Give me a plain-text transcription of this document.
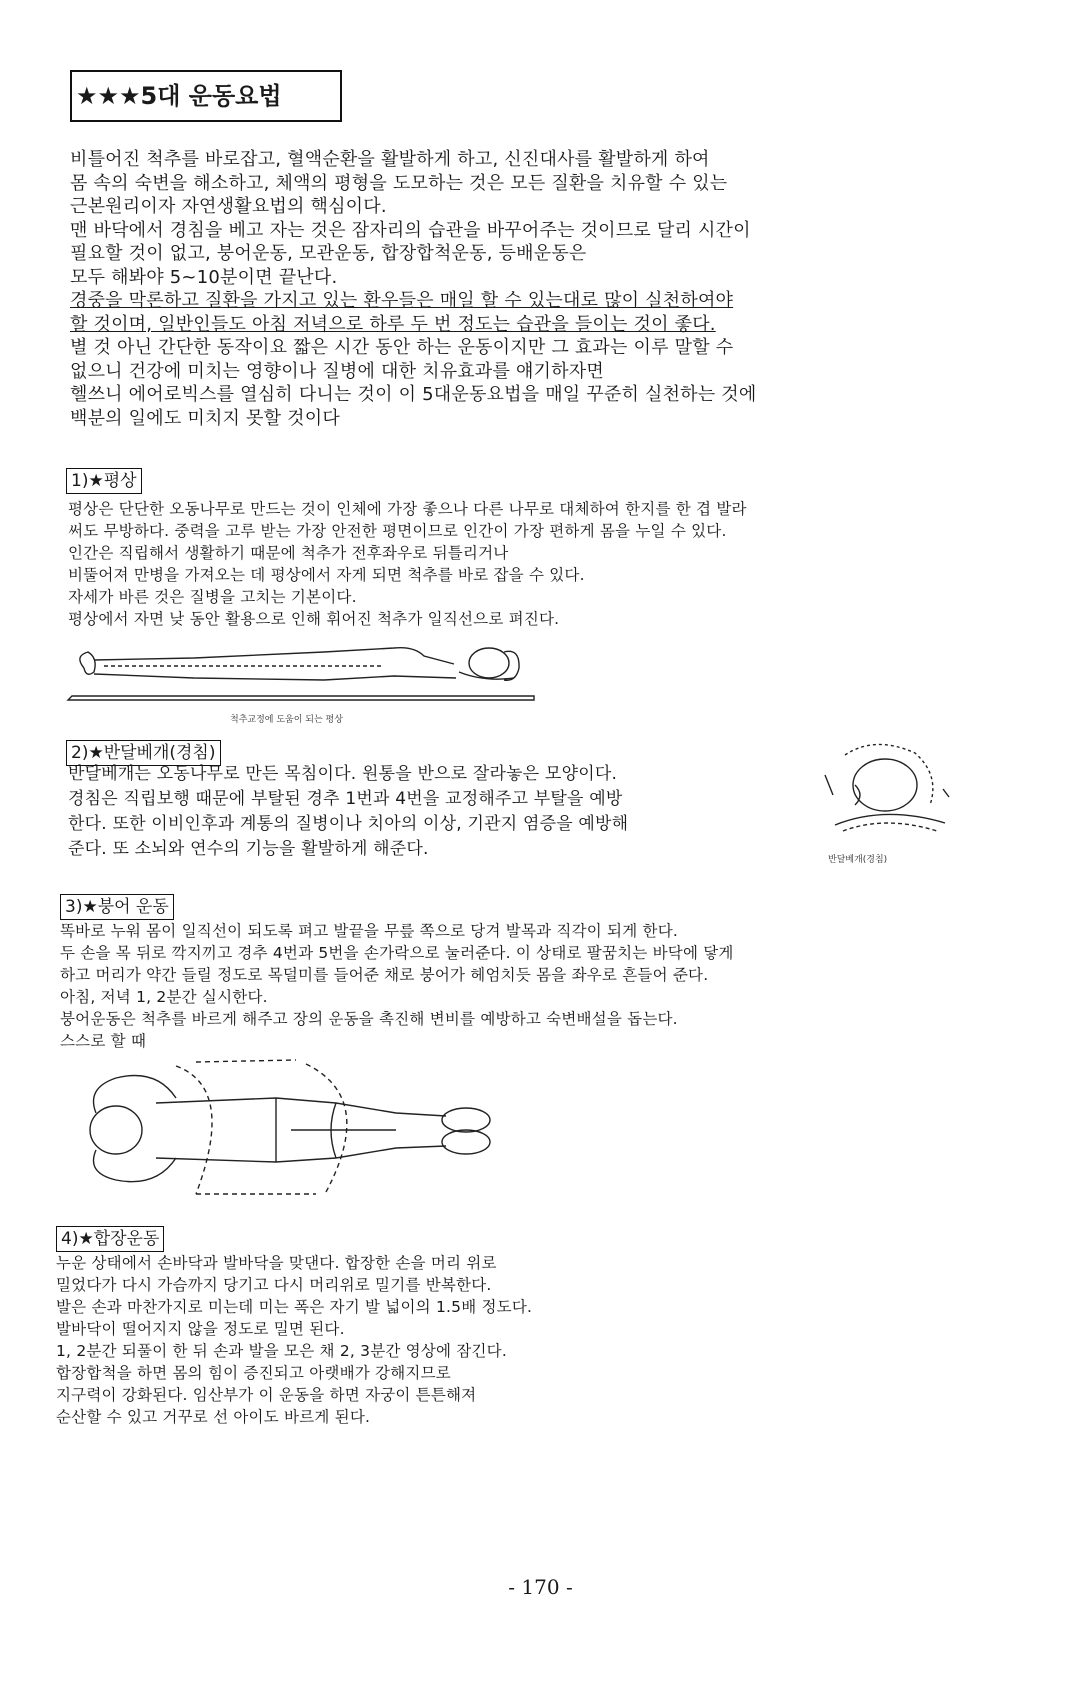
★★★5대 운동요법

비틀어진 척추를 바로잡고, 혈액순환을 활발하게 하고, 신진대사를 활발하게 하여

몸 속의 숙변을 해소하고, 체액의 평형을 도모하는 것은 모든 질환을 치유할 수 있는

근본원리이자 자연생활요법의 핵심이다.

맨 바닥에서 경침을 베고 자는 것은 잠자리의 습관을 바꾸어주는 것이므로 달리 시간이

필요할 것이 없고, 붕어운동, 모관운동, 합장합척운동, 등배운동은

모두 해봐야 5~10분이면 끝난다.

경중을 막론하고 질환을 가지고 있는 환우들은 매일 할 수 있는대로 많이 실천하여야

할 것이며, 일반인들도 아침 저녁으로 하루 두 번 정도는 습관을 들이는 것이 좋다.

별 것 아닌 간단한 동작이요 짧은 시간 동안 하는 운동이지만 그 효과는 이루 말할 수

없으니 건강에 미치는 영향이나 질병에 대한 치유효과를 얘기하자면

헬쓰니 에어로빅스를 열심히 다니는 것이 이 5대운동요법을 매일 꾸준히 실천하는 것에

백분의 일에도 미치지 못할 것이다

1)★평상

평상은 단단한 오동나무로 만드는 것이 인체에 가장 좋으나 다른 나무로 대체하여 한지를 한 겹 발라

써도 무방하다. 중력을 고루 받는 가장 안전한 평면이므로 인간이 가장 편하게 몸을 누일 수 있다.

인간은 직립해서 생활하기 때문에 척추가 전후좌우로 뒤틀리거나

비뚤어져 만병을 가져오는 데 평상에서 자게 되면 척추를 바로 잡을 수 있다.

자세가 바른 것은 질병을 고치는 기본이다.

평상에서 자면 낮 동안 활용으로 인해 휘어진 척추가 일직선으로 펴진다.

척추교정에 도움이 되는 평상
2)★반달베개(경침)

반달베개는 오동나무로 만든 목침이다. 원통을 반으로 잘라놓은 모양이다.

경침은 직립보행 때문에 부탈된 경추 1번과 4번을 교정해주고 부탈을 예방

한다. 또한 이비인후과 계통의 질병이나 치아의 이상, 기관지 염증을 예방해

준다. 또 소뇌와 연수의 기능을 활발하게 해준다.

반달베개(경침)
3)★붕어 운동

똑바로 누워 몸이 일직선이 되도록 펴고 발끝을 무릎 쪽으로 당겨 발목과 직각이 되게 한다.

두 손을 목 뒤로 깍지끼고 경추 4번과 5번을 손가락으로 눌러준다. 이 상태로 팔꿈치는 바닥에 닿게

하고 머리가 약간 들릴 정도로 목덜미를 들어준 채로 붕어가 헤엄치듯 몸을 좌우로 흔들어 준다.

아침, 저녁 1, 2분간 실시한다.

붕어운동은 척추를 바르게 해주고 장의 운동을 촉진해 변비를 예방하고 숙변배설을 돕는다.

스스로 할 때

4)★합장운동

누운 상태에서 손바닥과 발바닥을 맞댄다. 합장한 손을 머리 위로

밀었다가 다시 가슴까지 당기고 다시 머리위로 밀기를 반복한다.

발은 손과 마찬가지로 미는데 미는 폭은 자기 발 넓이의 1.5배 정도다.

발바닥이 떨어지지 않을 정도로 밀면 된다.

1, 2분간 되풀이 한 뒤 손과 발을 모은 채 2, 3분간 영상에 잠긴다.

합장합척을 하면 몸의 힘이 증진되고 아랫배가 강해지므로

지구력이 강화된다. 임산부가 이 운동을 하면 자궁이 튼튼해져

순산할 수 있고 거꾸로 선 아이도 바르게 된다.

- 170 -
